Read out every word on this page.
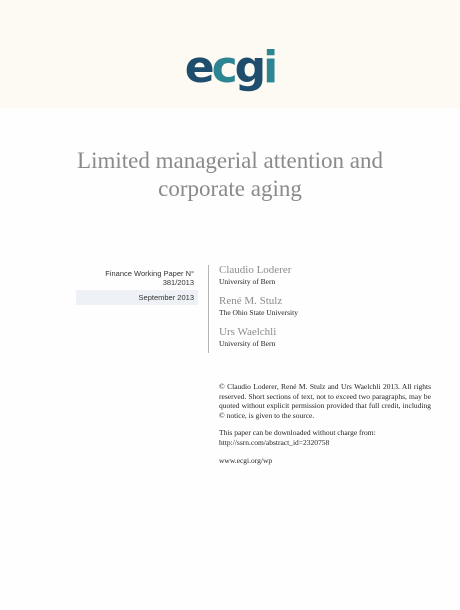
ecgi
Limited managerial attention and corporate aging
Finance Working Paper N° 381/2013
September 2013
Claudio Loderer
University of Bern
René M. Stulz
The Ohio State University
Urs Waelchli
University of Bern

© Claudio Loderer, René M. Stulz and Urs Waelchli 2013. All rights reserved. Short sections of text, not to exceed two paragraphs, may be quoted without explicit permission provided that full credit, including © notice, is given to the source.

This paper can be downloaded without charge from:
http://ssrn.com/abstract_id=2320758

www.ecgi.org/wp
